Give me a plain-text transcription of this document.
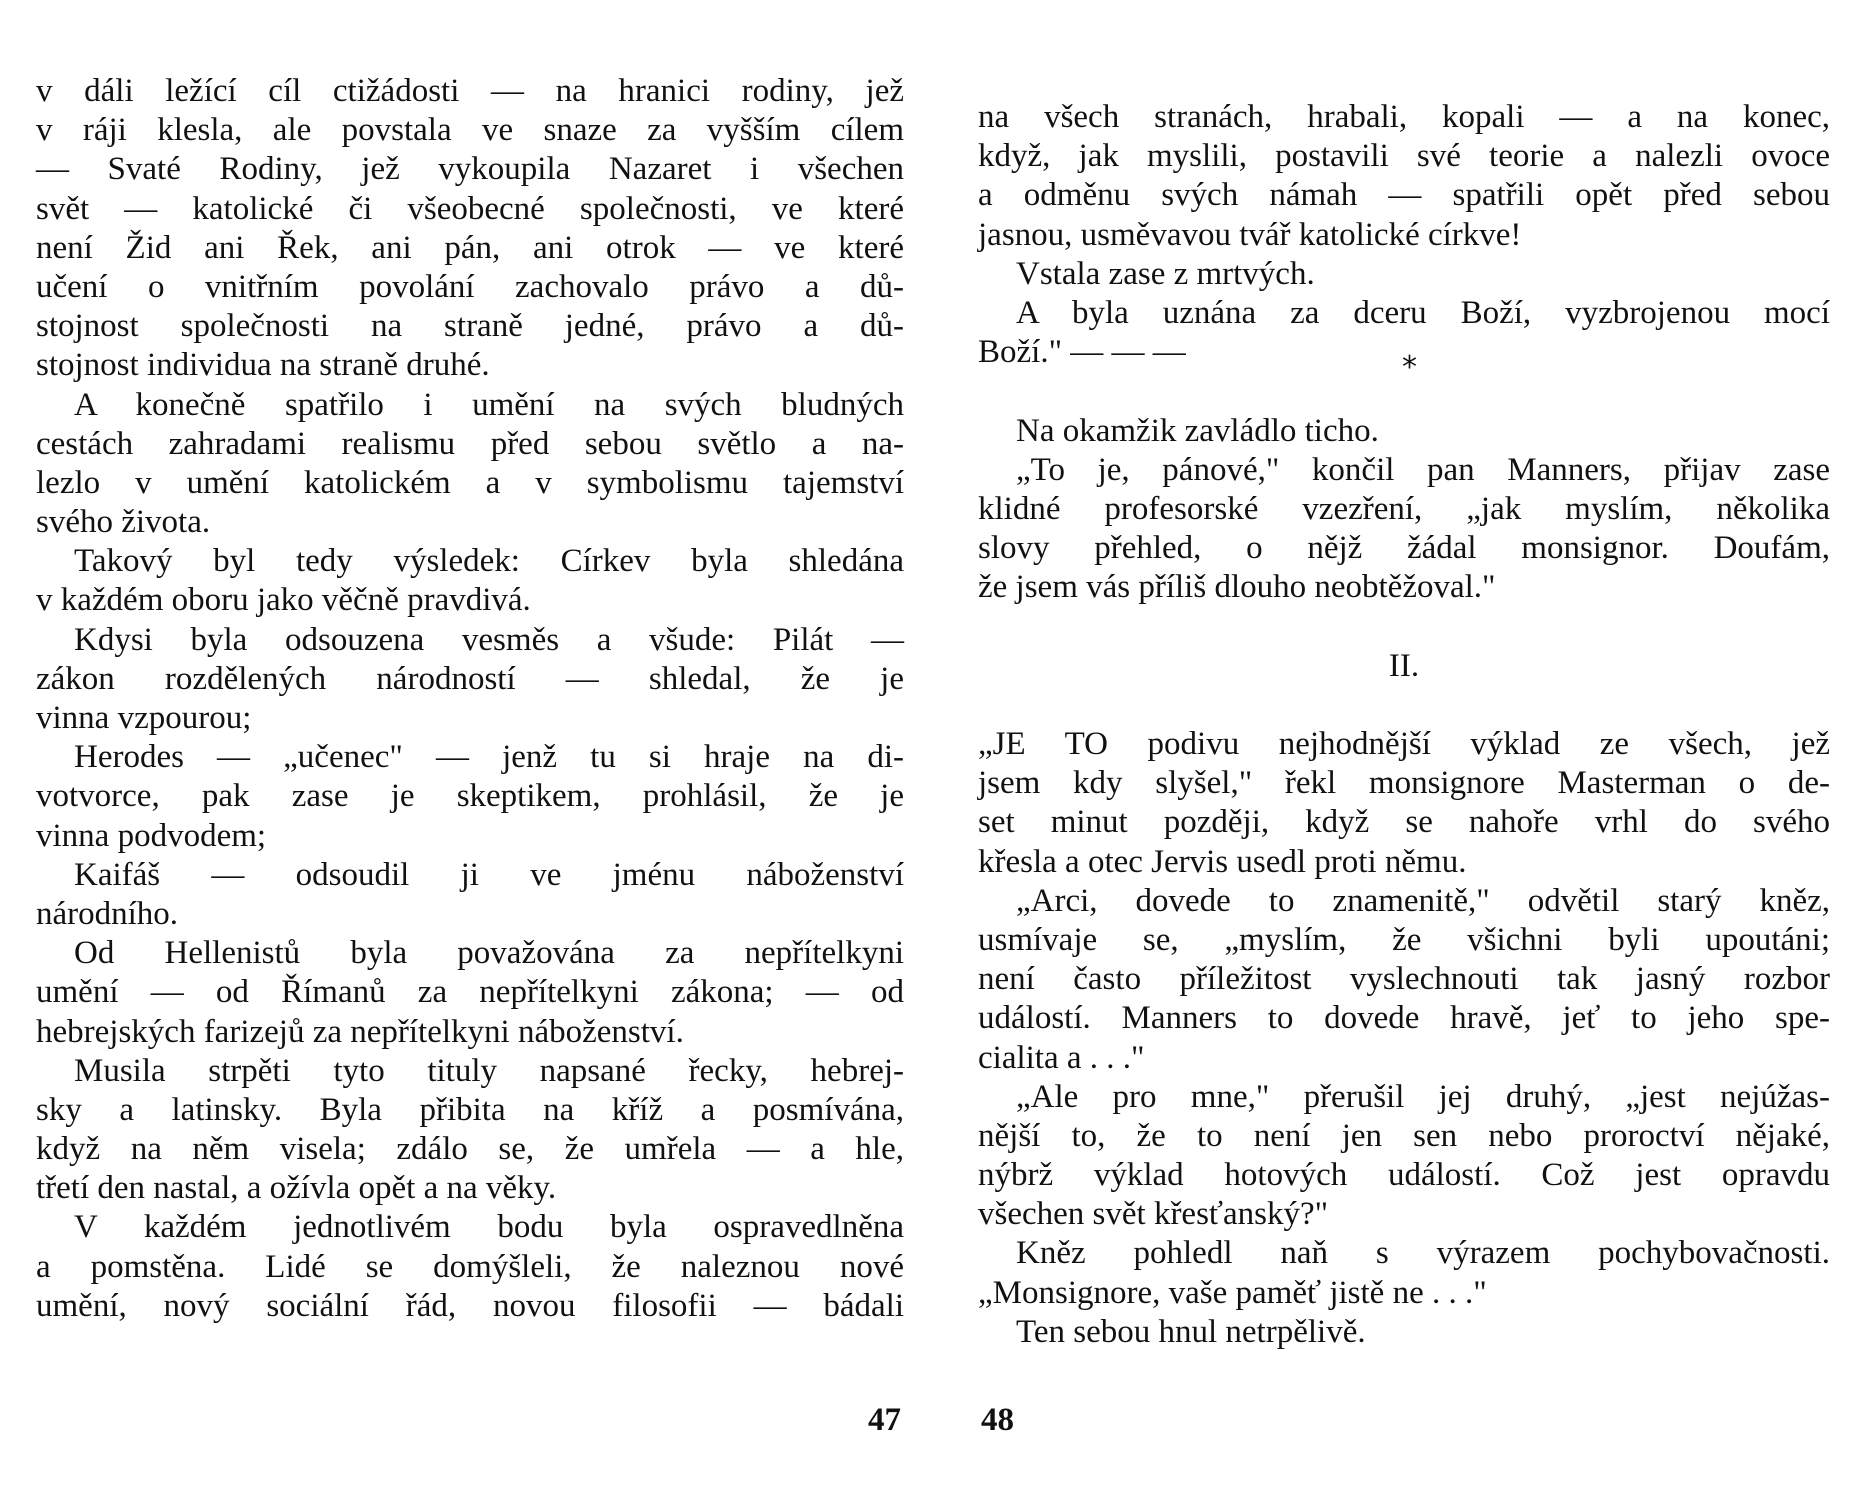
v dáli ležící cíl ctižádosti — na hranici rodiny, jež
v ráji klesla, ale povstala ve snaze za vyšším cílem
— Svaté Rodiny, jež vykoupila Nazaret i všechen
svět — katolické či všeobecné společnosti, ve které
není Žid ani Řek, ani pán, ani otrok — ve které
učení o vnitřním povolání zachovalo právo a dů-
stojnost společnosti na straně jedné, právo a dů-
stojnost individua na straně druhé.
A konečně spatřilo i umění na svých bludných
cestách zahradami realismu před sebou světlo a na-
lezlo v umění katolickém a v symbolismu tajemství
svého života.
Takový byl tedy výsledek: Církev byla shledána
v každém oboru jako věčně pravdivá.
Kdysi byla odsouzena vesměs a všude: Pilát —
zákon rozdělených národností — shledal, že je
vinna vzpourou;
Herodes — „učenec" — jenž tu si hraje na di-
votvorce, pak zase je skeptikem, prohlásil, že je
vinna podvodem;
Kaifáš — odsoudil ji ve jménu náboženství
národního.
Od Hellenistů byla považována za nepřítelkyni
umění — od Římanů za nepřítelkyni zákona; — od
hebrejských farizejů za nepřítelkyni náboženství.
Musila strpěti tyto tituly napsané řecky, hebrej-
sky a latinsky. Byla přibita na kříž a posmívána,
když na něm visela; zdálo se, že umřela — a hle,
třetí den nastal, a ožívla opět a na věky.
V každém jednotlivém bodu byla ospravedlněna
a pomstěna. Lidé se domýšleli, že naleznou nové
umění, nový sociální řád, novou filosofii — bádali
na všech stranách, hrabali, kopali — a na konec,
když, jak myslili, postavili své teorie a nalezli ovoce
a odměnu svých námah — spatřili opět před sebou
jasnou, usměvavou tvář katolické církve!
Vstala zase z mrtvých.
A byla uznána za dceru Boží, vyzbrojenou mocí
Boží." — — —
Na okamžik zavládlo ticho.
„To je, pánové," končil pan Manners, přijav zase
klidné profesorské vzezření, „jak myslím, několika
slovy přehled, o nějž žádal monsignor. Doufám,
že jsem vás příliš dlouho neobtěžoval."
II.
„JE TO podivu nejhodnější výklad ze všech, jež
jsem kdy slyšel," řekl monsignore Masterman o de-
set minut později, když se nahoře vrhl do svého
křesla a otec Jervis usedl proti němu.
„Arci, dovede to znamenitě," odvětil starý kněz,
usmívaje se, „myslím, že všichni byli upoutáni;
není často příležitost vyslechnouti tak jasný rozbor
událostí. Manners to dovede hravě, jeť to jeho spe-
cialita a . . ."
„Ale pro mne," přerušil jej druhý, „jest nejúžas-
nější to, že to není jen sen nebo proroctví nějaké,
nýbrž výklad hotových událostí. Což jest opravdu
všechen svět křesťanský?"
Kněz pohledl naň s výrazem pochybovačnosti.
„Monsignore, vaše paměť jistě ne . . ."
Ten sebou hnul netrpělivě.
*
47 48
